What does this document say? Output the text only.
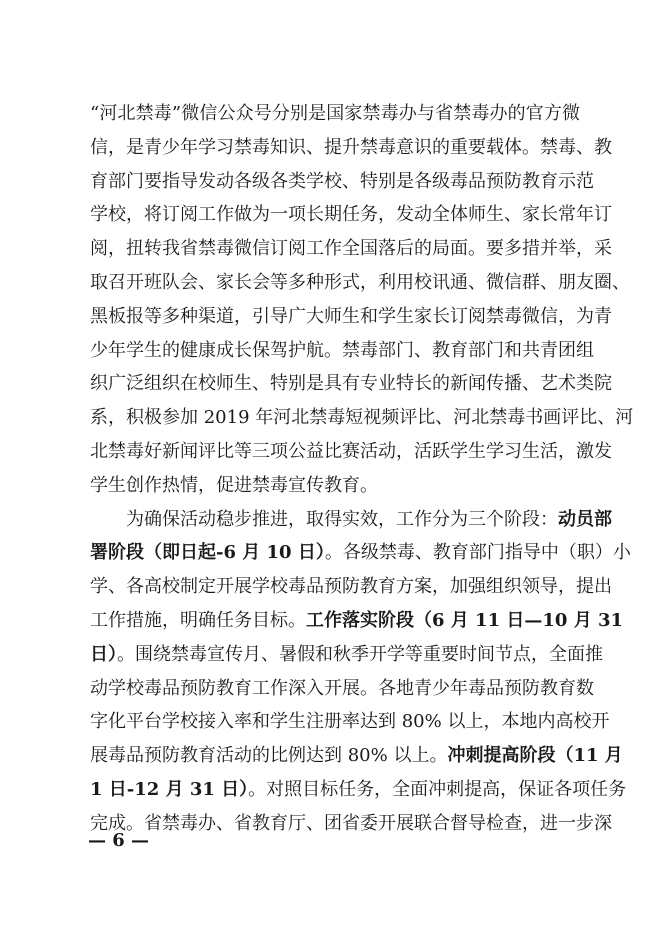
“河北禁毒”微信公众号分别是国家禁毒办与省禁毒办的官方微
信，是青少年学习禁毒知识、提升禁毒意识的重要载体。禁毒、教
育部门要指导发动各级各类学校、特别是各级毒品预防教育示范
学校，将订阅工作做为一项长期任务，发动全体师生、家长常年订
阅，扭转我省禁毒微信订阅工作全国落后的局面。要多措并举，采
取召开班队会、家长会等多种形式，利用校讯通、微信群、朋友圈、
黑板报等多种渠道，引导广大师生和学生家长订阅禁毒微信，为青
少年学生的健康成长保驾护航。禁毒部门、教育部门和共青团组
织广泛组织在校师生、特别是具有专业特长的新闻传播、艺术类院
系，积极参加 2019 年河北禁毒短视频评比、河北禁毒书画评比、河
北禁毒好新闻评比等三项公益比赛活动，活跃学生学习生活，激发
学生创作热情，促进禁毒宣传教育。
为确保活动稳步推进，取得实效，工作分为三个阶段：动员部
署阶段（即日起-6 月 10 日）。各级禁毒、教育部门指导中（职）小
学、各高校制定开展学校毒品预防教育方案，加强组织领导，提出
工作措施，明确任务目标。工作落实阶段（6 月 11 日—10 月 31
日）。围绕禁毒宣传月、暑假和秋季开学等重要时间节点，全面推
动学校毒品预防教育工作深入开展。各地青少年毒品预防教育数
字化平台学校接入率和学生注册率达到 80% 以上，本地内高校开
展毒品预防教育活动的比例达到 80% 以上。冲刺提高阶段（11 月
1 日-12 月 31 日）。对照目标任务，全面冲刺提高，保证各项任务
完成。省禁毒办、省教育厅、团省委开展联合督导检查，进一步深
— 6 —
